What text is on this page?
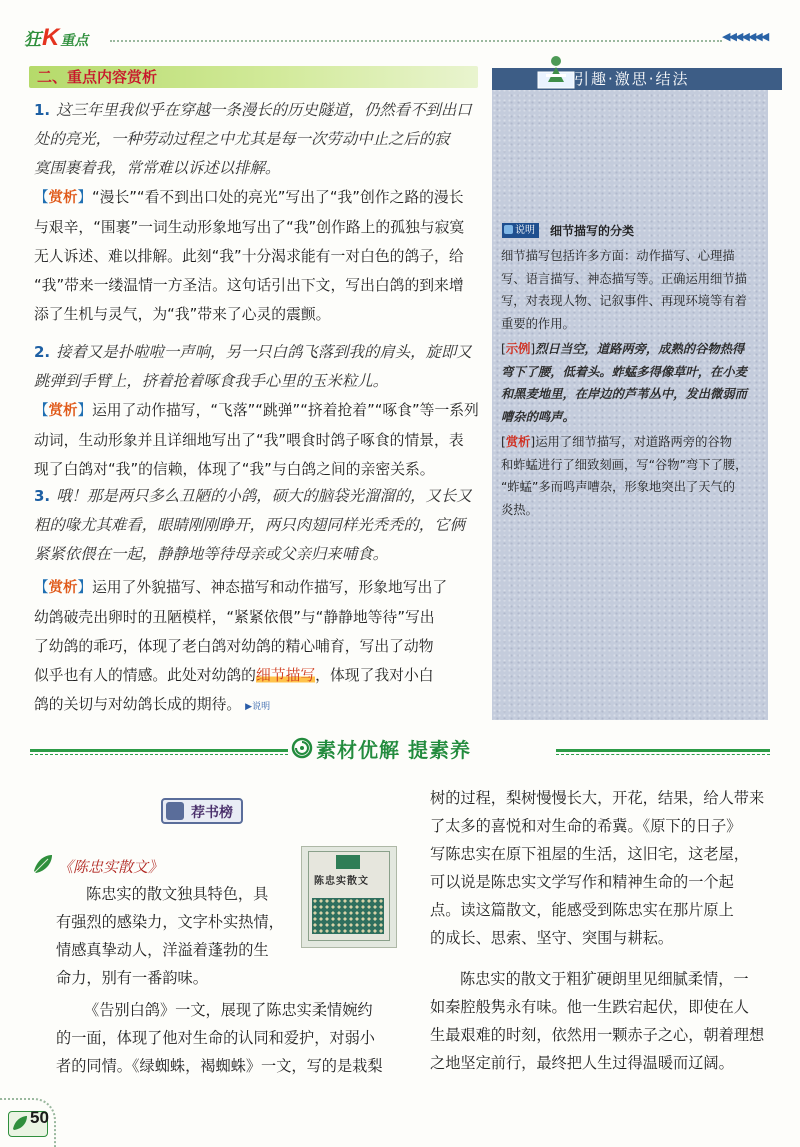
狂K重点	◀◀◀◀◀◀◀
二、重点内容赏析

1. 这三年里我似乎在穿越一条漫长的历史隧道，仍然看不到出口
处的亮光，一种劳动过程之中尤其是每一次劳动中止之后的寂
寞围裹着我，常常难以诉述以排解。

【赏析】“漫长”“看不到出口处的亮光”写出了“我”创作之路的漫长
与艰辛，“围裹”一词生动形象地写出了“我”创作路上的孤独与寂寞
无人诉述、难以排解。此刻“我”十分渴求能有一对白色的鸽子，给
“我”带来一缕温情一方圣洁。这句话引出下文，写出白鸽的到来增
添了生机与灵气，为“我”带来了心灵的震颤。

2. 接着又是扑啦啦一声响，另一只白鸽飞落到我的肩头，旋即又
跳弹到手臂上，挤着抢着啄食我手心里的玉米粒儿。

【赏析】运用了动作描写，“飞落”“跳弹”“挤着抢着”“啄食”等一系列
动词，生动形象并且详细地写出了“我”喂食时鸽子啄食的情景，表
现了白鸽对“我”的信赖，体现了“我”与白鸽之间的亲密关系。

3. 哦！那是两只多么丑陋的小鸽，硕大的脑袋光溜溜的，又长又
粗的喙尤其难看，眼睛刚刚睁开，两只肉翅同样光秃秃的，它俩
紧紧依偎在一起，静静地等待母亲或父亲归来哺食。

【赏析】运用了外貌描写、神态描写和动作描写，形象地写出了
幼鸽破壳出卵时的丑陋模样，“紧紧依偎”与“静静地等待”写出
了幼鸽的乖巧，体现了老白鸽对幼鸽的精心哺育，写出了动物
似乎也有人的情感。此处对幼鸽的细节描写，体现了我对小白
鸽的关切与对幼鸽长成的期待。 ▶说明

引趣·激思·结法
说明	细节描写的分类

细节描写包括许多方面：动作描写、心理描
写、语言描写、神态描写等。正确运用细节描
写，对表现人物、记叙事件、再现环境等有着
重要的作用。

[示例]烈日当空，道路两旁，成熟的谷物热得
弯下了腰，低着头。蚱蜢多得像草叶，在小麦
和黑麦地里，在岸边的芦苇丛中，发出微弱而
嘈杂的鸣声。

[赏析]运用了细节描写，对道路两旁的谷物
和蚱蜢进行了细致刻画，写“谷物”弯下了腰，
“蚱蜢”多而鸣声嘈杂，形象地突出了天气的
炎热。

素材优解 提素养
荐书榜
《陈忠实散文》
陈忠实散文

陈忠实的散文独具特色，具
有强烈的感染力，文字朴实热情，
情感真挚动人，洋溢着蓬勃的生
命力，别有一番韵味。

《告别白鸽》一文，展现了陈忠实柔情婉约
的一面，体现了他对生命的认同和爱护，对弱小
者的同情。《绿蜘蛛，褐蜘蛛》一文，写的是栽梨

树的过程，梨树慢慢长大，开花，结果，给人带来
了太多的喜悦和对生命的希冀。《原下的日子》
写陈忠实在原下祖屋的生活，这旧宅，这老屋，
可以说是陈忠实文学写作和精神生命的一个起
点。读这篇散文，能感受到陈忠实在那片原上
的成长、思索、坚守、突围与耕耘。

陈忠实的散文于粗犷硬朗里见细腻柔情，一
如秦腔般隽永有味。他一生跌宕起伏，即使在人
生最艰难的时刻，依然用一颗赤子之心，朝着理想
之地坚定前行，最终把人生过得温暖而辽阔。

50
